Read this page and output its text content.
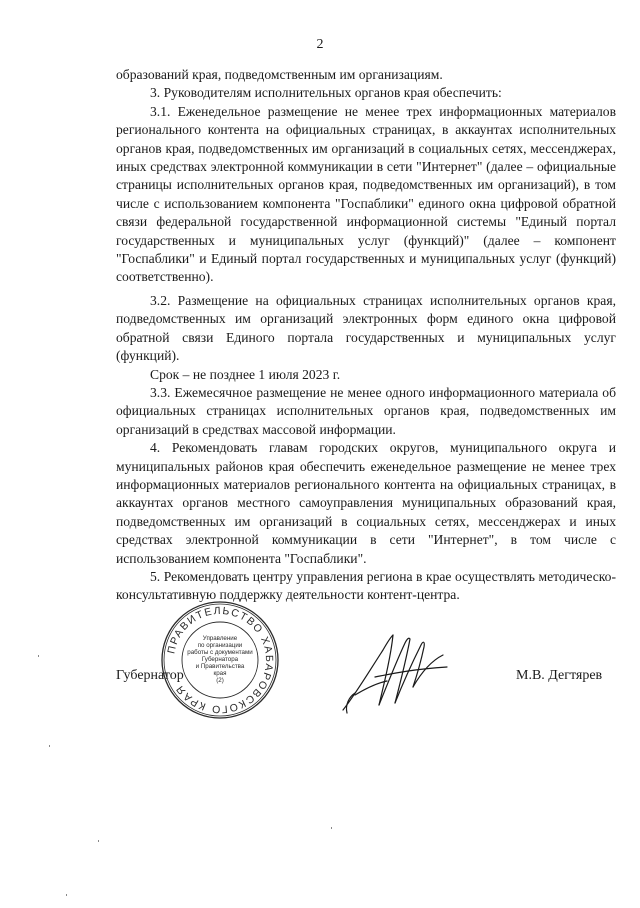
2

образований края, подведомственным им организациям.

3. Руководителям исполнительных органов края обеспечить:

3.1. Еженедельное размещение не менее трех информационных материалов регионального контента на официальных страницах, в аккаунтах исполнительных органов края, подведомственных им организаций в социальных сетях, мессенджерах, иных средствах электронной коммуникации в сети "Интернет" (далее – официальные страницы исполнительных органов края, подведомственных им организаций), в том числе с использованием компонента "Госпаблики" единого окна цифровой обратной связи федеральной государственной информационной системы "Единый портал государственных и муниципальных услуг (функций)" (далее – компонент "Госпаблики" и Единый портал государственных и муниципальных услуг (функций) соответственно).

3.2. Размещение на официальных страницах исполнительных органов края, подведомственных им организаций электронных форм единого окна цифровой обратной связи Единого портала государственных и муниципальных услуг (функций).

Срок – не позднее 1 июля 2023 г.

3.3. Ежемесячное размещение не менее одного информационного материала об официальных страницах исполнительных органов края, подведомственных им организаций в средствах массовой информации.

4. Рекомендовать главам городских округов, муниципального округа и муниципальных районов края обеспечить еженедельное размещение не менее трех информационных материалов регионального контента на официальных страницах, в аккаунтах органов местного самоуправления муниципальных образований края, подведомственных им организаций в социальных сетях, мессенджерах и иных средствах электронной коммуникации в сети "Интернет", в том числе с использованием компонента "Госпаблики".

5. Рекомендовать центру управления региона в крае осуществлять методическо-консультативную поддержку деятельности контент-центра.

Губернатор	М.В. Дегтярев
ПРАВИТЕЛЬСТВО ХАБАРОВСКОГО КРАЯ
Управление
по организации
работы с документами
Губернатора
и Правительства
края
(2)
